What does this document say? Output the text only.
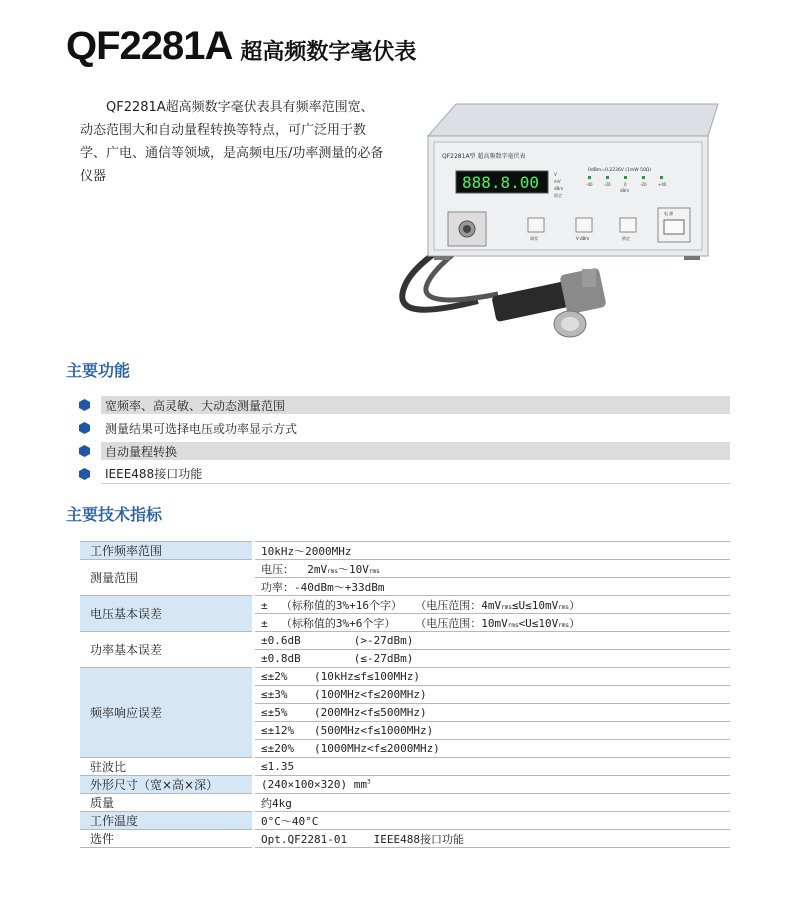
QF2281A 超高频数字毫伏表
QF2281A超高频数字毫伏表具有频率范围宽、动态范围大和自动量程转换等特点，可广泛用于教学、广电、通信等领域，是高频电压/功率测量的必备仪器
QF2281A型 超高频数字毫伏表
888.8.00	V
mV
dBm
锁定
0dBm=0.2236V (1mW 50Ω)
-40	-20	0	-20	+40
dBm
调零	V-dBm	锁定
电 源
主要功能
宽频率、高灵敏、大动态测量范围
测量结果可选择电压或功率显示方式
自动量程转换
IEEE488接口功能
主要技术指标
工作频率范围	10kHz～2000MHz
测量范围	电压：  2mVrms～10Vrms
	功率：-40dBm～+33dBm
电压基本误差	±  （标称值的3%+16个字）  （电压范围：4mVrms≤U≤10mVrms）
	±  （标称值的3%+6个字）   （电压范围：10mVrms<U≤10Vrms）
功率基本误差	±0.6dB        (>-27dBm)
	±0.8dB        (≤-27dBm)
频率响应误差	≤±2%    (10kHz≤f≤100MHz)
	≤±3%    (100MHz<f≤200MHz)
	≤±5%    (200MHz<f≤500MHz)
	≤±12%   (500MHz<f≤1000MHz)
	≤±20%   (1000MHz<f≤2000MHz)
驻波比	≤1.35
外形尺寸（宽×高×深）	(240×100×320) $mm^3$
质量	约4kg
工作温度	0°C～40°C
选件	Opt.QF2281-01    IEEE488接口功能
